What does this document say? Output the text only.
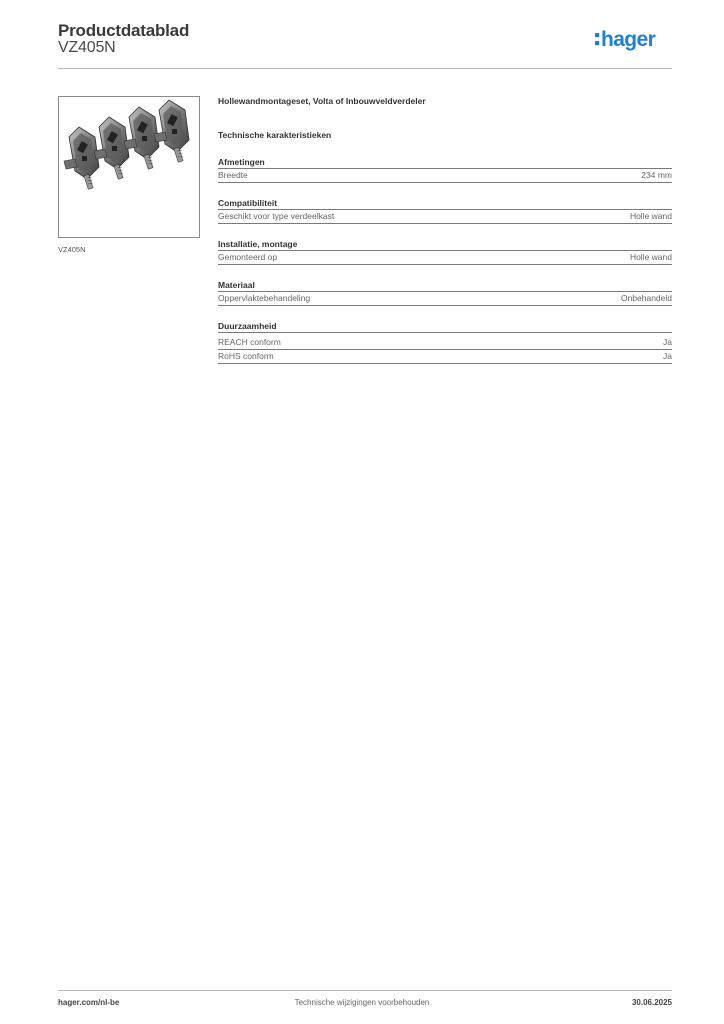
Productdatablad
VZ405N	hager
VZ405N
Hollewandmontageset, Volta of Inbouwveldverdeler
Technische karakteristieken
Afmetingen
Breedte	234 mm
Compatibiliteit
Geschikt voor type verdeelkast	Holle wand
Installatie, montage
Gemonteerd op	Holle wand
Materiaal
Oppervlaktebehandeling	Onbehandeld
Duurzaamheid
REACH conform	Ja
RoHS conform	Ja
hager.com/nl-be	Technische wijzigingen voorbehouden	30.06.2025
